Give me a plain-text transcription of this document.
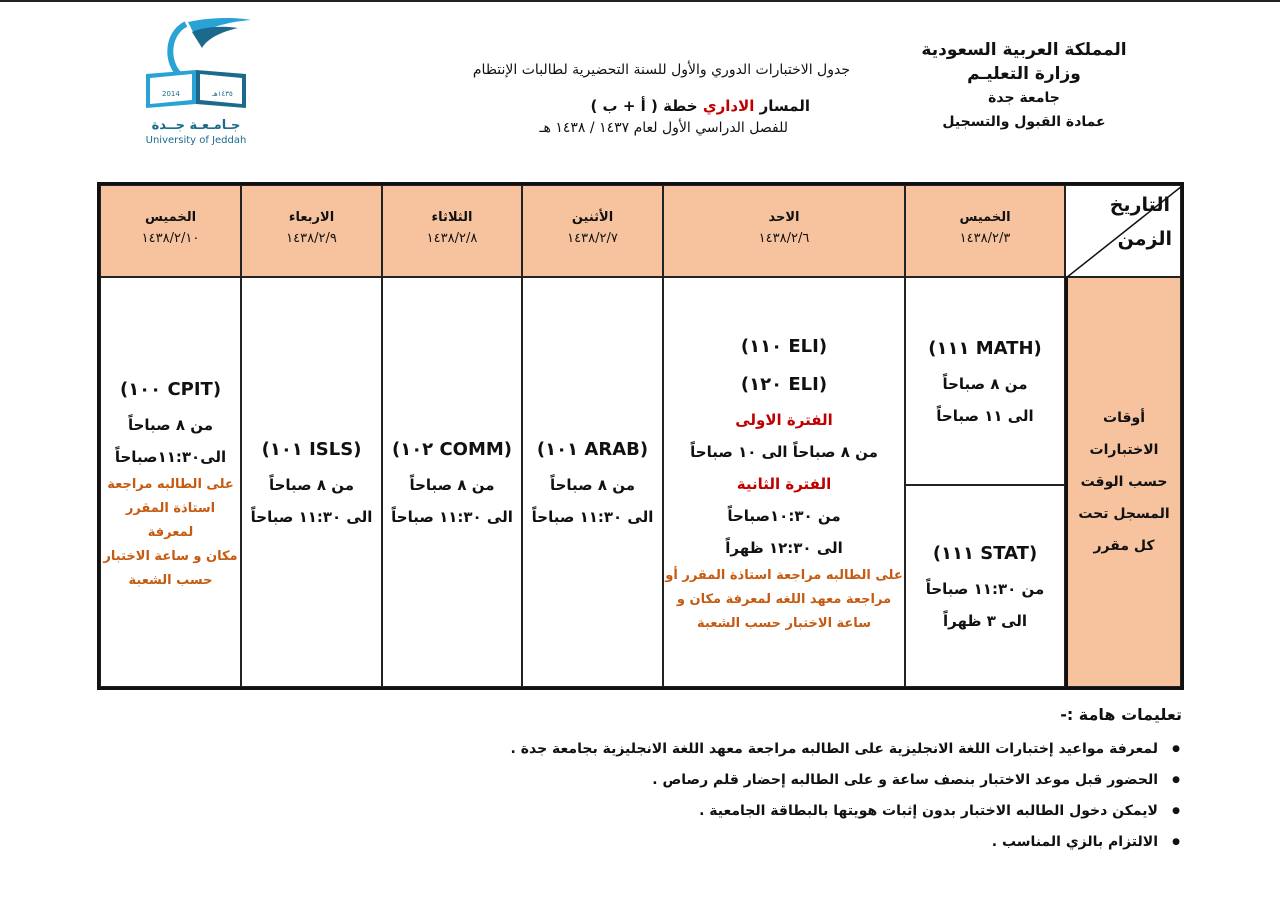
2014	١٤٣٥هـ
جـامـعـة جــدة
University of Jeddah
المملكة العربية السعودية
وزارة التعليـم
جامعة جدة
عمادة القبول والتسجيل
جدول الاختبارات الدوري والأول للسنة التحضيرية لطالبات الإنتظام
المسار الاداري خطة ( أ + ب )
للفصل الدراسي الأول لعام ١٤٣٧ / ١٤٣٨ هـ
التاريخ
الزمن
الخميس
١٤٣٨/٢/٣
الاحد
١٤٣٨/٢/٦
الأثنين
١٤٣٨/٢/٧
الثلاثاء
١٤٣٨/٢/٨
الاربعاء
١٤٣٨/٢/٩
الخميس
١٤٣٨/٢/١٠
أوقات
الاختبارات
حسب الوقت
المسجل تحت
كل مقرر
(MATH ١١١)
من ٨ صباحاً
الى ١١ صباحاً
(STAT ١١١)
من ١١:٣٠ صباحاً
الى ٣ ظهراً
(ELI ١١٠)
(ELI ١٢٠)
الفترة الاولى
من ٨ صباحاً الى ١٠ صباحاً
الفترة الثانية
من ١٠:٣٠صباحاً
الى ١٢:٣٠ ظهراً
على الطالبه مراجعة استاذة المقرر أو
مراجعة معهد اللغه لمعرفة مكان و
ساعة الاختبار حسب الشعبة
(ARAB ١٠١)
من ٨ صباحاً
الى ١١:٣٠ صباحاً
(COMM ١٠٢)
من ٨ صباحاً
الى ١١:٣٠ صباحاً
(ISLS ١٠١)
من ٨ صباحاً
الى ١١:٣٠ صباحاً
(CPIT ١٠٠)
من ٨ صباحاً
الى١١:٣٠صباحاً
على الطالبه مراجعة
استاذة المقرر لمعرفة
مكان و ساعة الاختبار
حسب الشعبة
تعليمات هامة :-
● لمعرفة مواعيد إختبارات اللغة الانجليزية على الطالبه مراجعة معهد اللغة الانجليزية بجامعة جدة .
● الحضور قبل موعد الاختبار بنصف ساعة و على الطالبه إحضار قلم رصاص .
● لايمكن دخول الطالبه الاختبار بدون إثبات هويتها بالبطاقة الجامعية .
● الالتزام بالزي المناسب .
